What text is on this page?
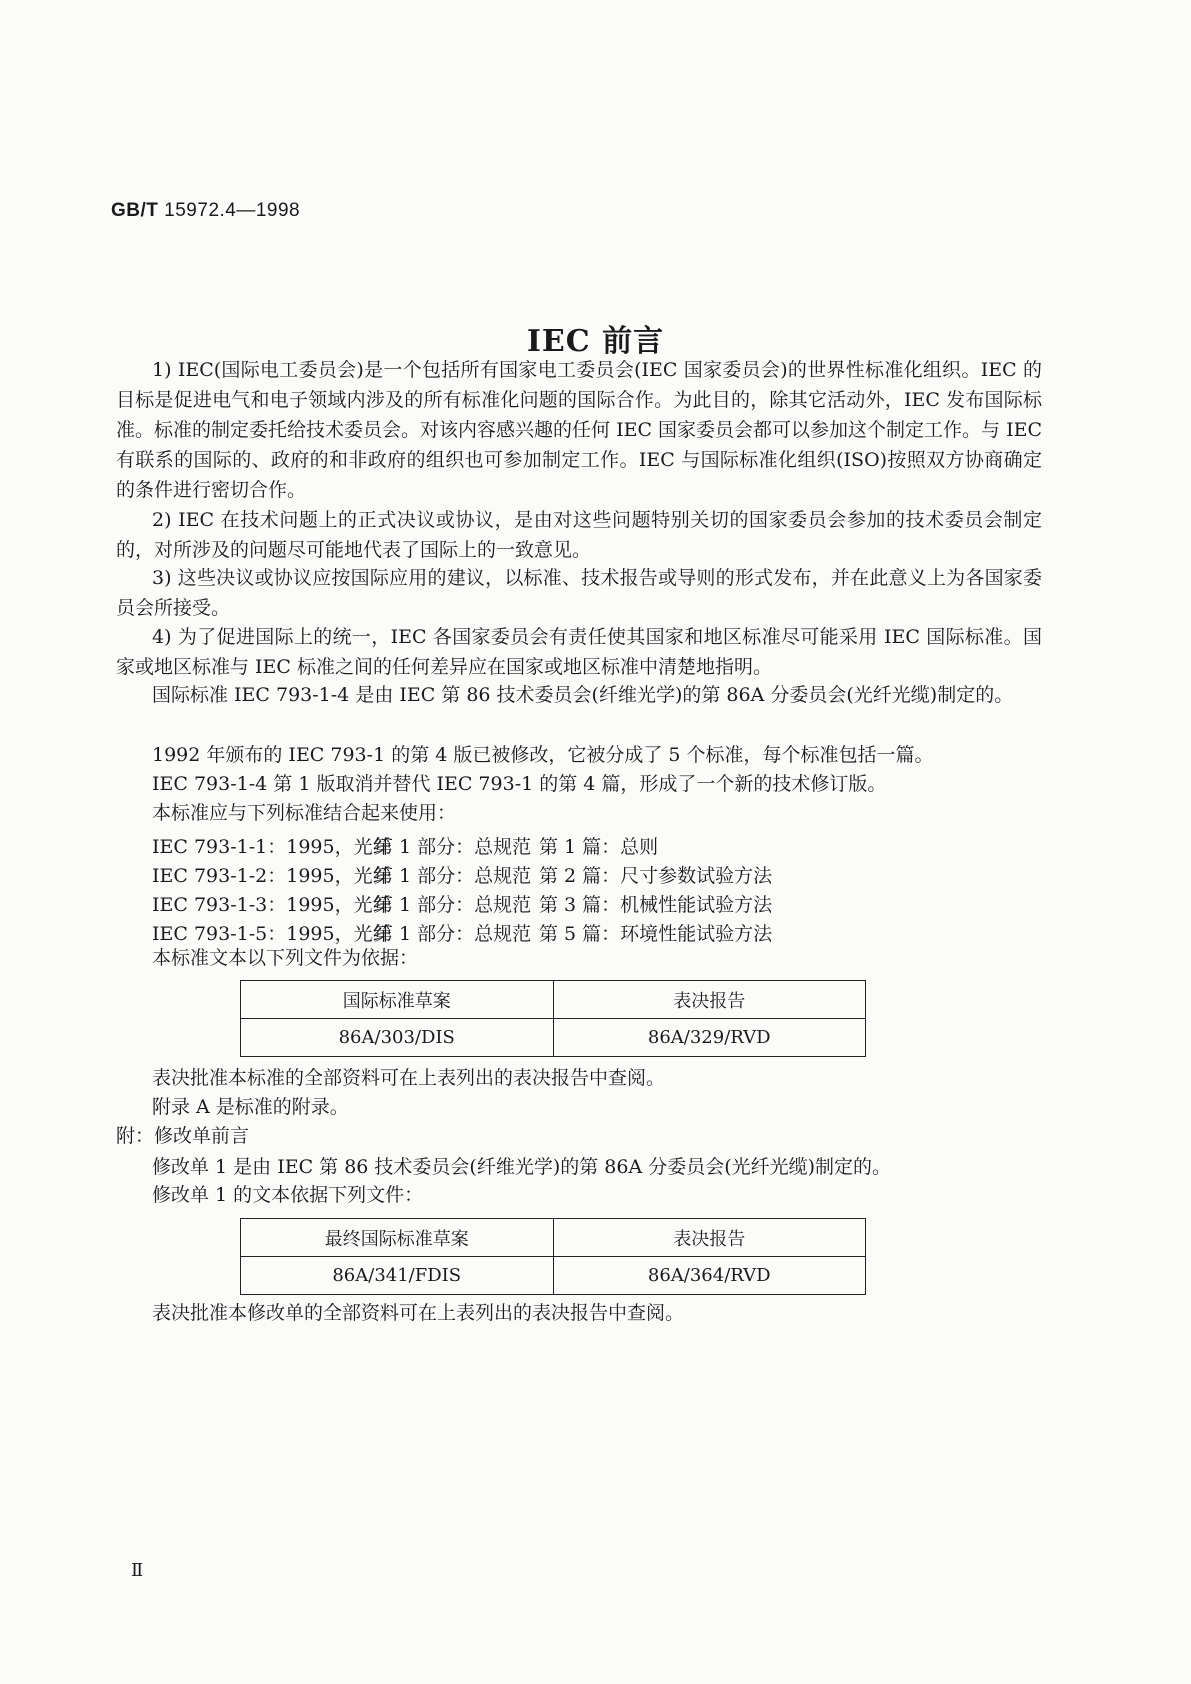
GB/T 15972.4—1998
IEC 前言

1) IEC(国际电工委员会)是一个包括所有国家电工委员会(IEC 国家委员会)的世界性标准化组织。IEC 的目标是促进电气和电子领域内涉及的所有标准化问题的国际合作。为此目的，除其它活动外，IEC 发布国际标准。标准的制定委托给技术委员会。对该内容感兴趣的任何 IEC 国家委员会都可以参加这个制定工作。与 IEC 有联系的国际的、政府的和非政府的组织也可参加制定工作。IEC 与国际标准化组织(ISO)按照双方协商确定的条件进行密切合作。

2) IEC 在技术问题上的正式决议或协议，是由对这些问题特别关切的国家委员会参加的技术委员会制定的，对所涉及的问题尽可能地代表了国际上的一致意见。

3) 这些决议或协议应按国际应用的建议，以标准、技术报告或导则的形式发布，并在此意义上为各国家委员会所接受。

4) 为了促进国际上的统一，IEC 各国家委员会有责任使其国家和地区标准尽可能采用 IEC 国际标准。国家或地区标准与 IEC 标准之间的任何差异应在国家或地区标准中清楚地指明。

国际标准 IEC 793-1-4 是由 IEC 第 86 技术委员会(纤维光学)的第 86A 分委员会(光纤光缆)制定的。

1992 年颁布的 IEC 793-1 的第 4 版已被修改，它被分成了 5 个标准，每个标准包括一篇。

IEC 793-1-4 第 1 版取消并替代 IEC 793-1 的第 4 篇，形成了一个新的技术修订版。

本标准应与下列标准结合起来使用：

IEC 793-1-1：1995，光纤第 1 部分：总规范 第 1 篇：总则
IEC 793-1-2：1995，光纤第 1 部分：总规范 第 2 篇：尺寸参数试验方法
IEC 793-1-3：1995，光纤第 1 部分：总规范 第 3 篇：机械性能试验方法
IEC 793-1-5：1995，光纤第 1 部分：总规范 第 5 篇：环境性能试验方法

本标准文本以下列文件为依据：

国际标准草案	表决报告
86A/303/DIS	86A/329/RVD

表决批准本标准的全部资料可在上表列出的表决报告中查阅。

附录 A 是标准的附录。

附：修改单前言

修改单 1 是由 IEC 第 86 技术委员会(纤维光学)的第 86A 分委员会(光纤光缆)制定的。

修改单 1 的文本依据下列文件：

最终国际标准草案	表决报告
86A/341/FDIS	86A/364/RVD

表决批准本修改单的全部资料可在上表列出的表决报告中查阅。

Ⅱ
